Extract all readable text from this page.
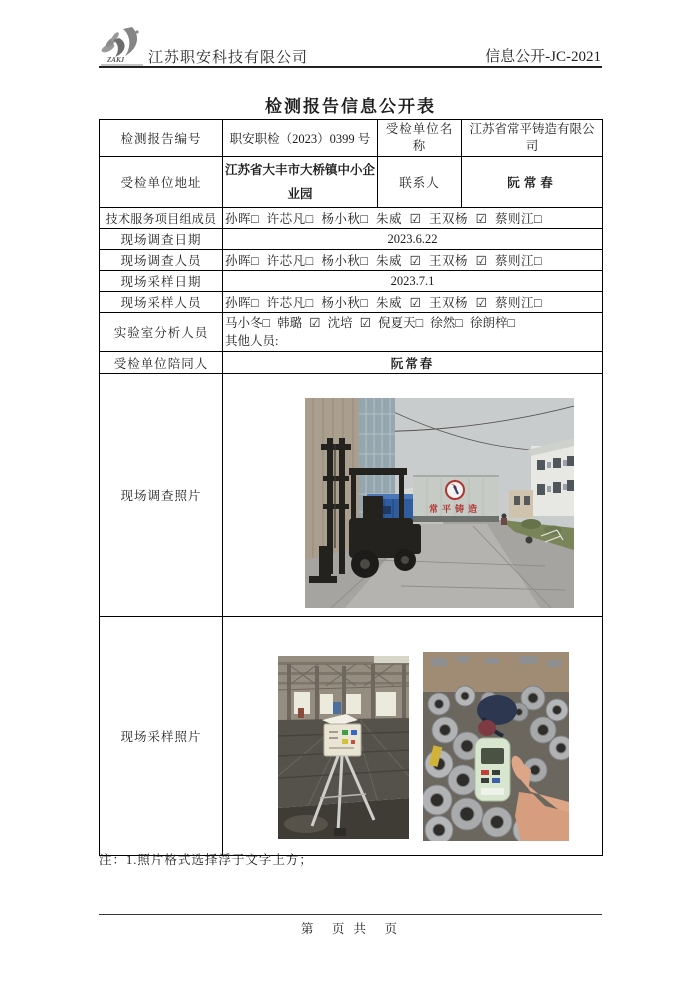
ZAKJ 江苏职安科技有限公司	信息公开-JC-2021
检测报告信息公开表
检测报告编号	职安职检（2023）0399 号	受检单位名称	江苏省常平铸造有限公司
受检单位地址	江苏省大丰市大桥镇中小企业园	联系人	阮常春
技术服务项目组成员	孙晖□ 许芯凡□ 杨小秋□ 朱威 ☑ 王双杨 ☑ 蔡则江□		
现场调查日期	2023.6.22		
现场调查人员	孙晖□ 许芯凡□ 杨小秋□ 朱威 ☑ 王双杨 ☑ 蔡则江□		
现场采样日期	2023.7.1		
现场采样人员	孙晖□ 许芯凡□ 杨小秋□ 朱威 ☑ 王双杨 ☑ 蔡则江□		
实验室分析人员	马小冬□ 韩璐 ☑ 沈培 ☑ 倪夏天□ 徐然□ 徐朗梓□
其他人员:		

受检单位陪同人	阮常春		
现场调查照片	常平铸造		

现场采样照片	
注：1.照片格式选择浮于文字上方；
第　页 共　页
